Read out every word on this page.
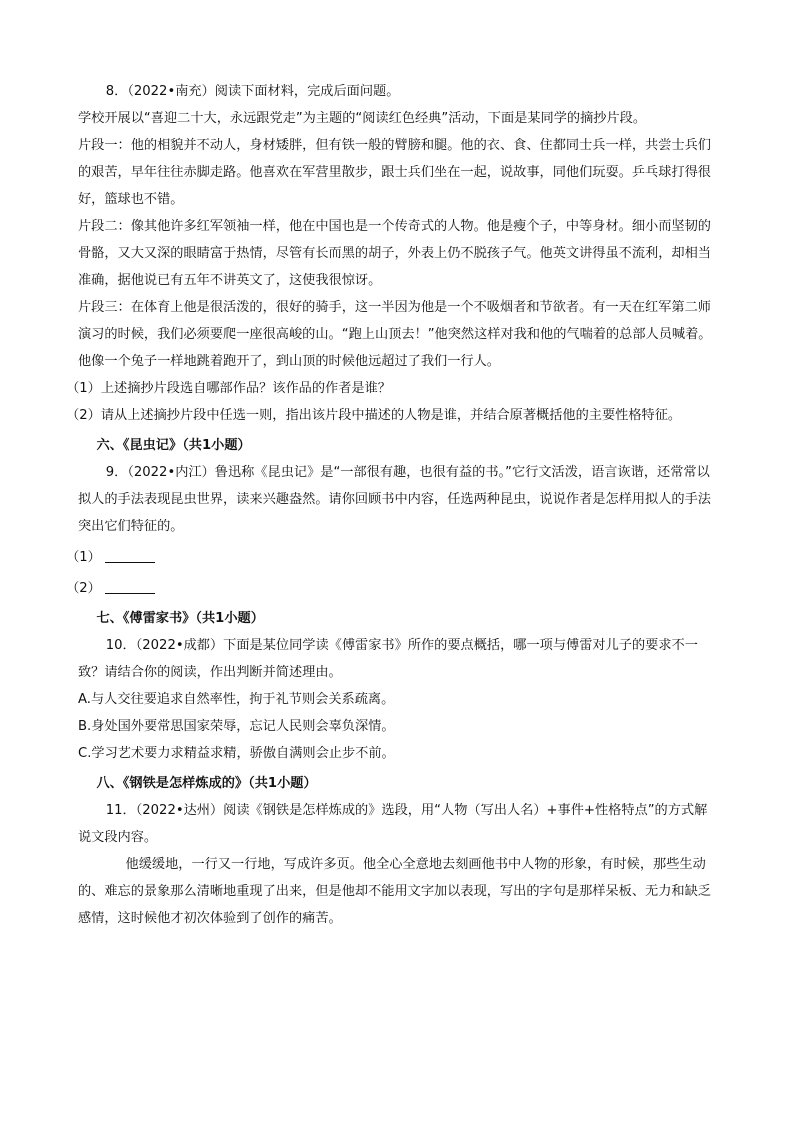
8．（2022•南充）阅读下面材料，完成后面问题。

学校开展以“喜迎二十大，永远跟党走”为主题的“阅读红色经典”活动，下面是某同学的摘抄片段。

片段一：他的相貌并不动人，身材矮胖，但有铁一般的臂膀和腿。他的衣、食、住都同士兵一样，共尝士兵们的艰苦，早年往往赤脚走路。他喜欢在军营里散步，跟士兵们坐在一起，说故事，同他们玩耍。乒乓球打得很好，篮球也不错。

片段二：像其他许多红军领袖一样，他在中国也是一个传奇式的人物。他是瘦个子，中等身材。细小而坚韧的骨骼，又大又深的眼睛富于热情，尽管有长而黑的胡子，外表上仍不脱孩子气。他英文讲得虽不流利，却相当准确，据他说已有五年不讲英文了，这使我很惊讶。

片段三：在体育上他是很活泼的，很好的骑手，这一半因为他是一个不吸烟者和节欲者。有一天在红军第二师演习的时候，我们必须要爬一座很高峻的山。“跑上山顶去！”他突然这样对我和他的气喘着的总部人员喊着。他像一个兔子一样地跳着跑开了，到山顶的时候他远超过了我们一行人。

（1）上述摘抄片段选自哪部作品？该作品的作者是谁？

（2）请从上述摘抄片段中任选一则，指出该片段中描述的人物是谁，并结合原著概括他的主要性格特征。

六、《昆虫记》（共1小题）

9．（2022•内江）鲁迅称《昆虫记》是“一部很有趣，也很有益的书。”它行文活泼，语言诙谐，还常常以拟人的手法表现昆虫世界，读来兴趣盎然。请你回顾书中内容，任选两种昆虫，说说作者是怎样用拟人的手法突出它们特征的。

（1）

（2）

七、《傅雷家书》（共1小题）

10．（2022•成都）下面是某位同学读《傅雷家书》所作的要点概括，哪一项与傅雷对儿子的要求不一致？请结合你的阅读，作出判断并简述理由。

A.与人交往要追求自然率性，拘于礼节则会关系疏离。

B.身处国外要常思国家荣辱，忘记人民则会辜负深情。

C.学习艺术要力求精益求精，骄傲自满则会止步不前。

八、《钢铁是怎样炼成的》（共1小题）

11．（2022•达州）阅读《钢铁是怎样炼成的》选段，用“人物（写出人名）+事件+性格特点”的方式解说文段内容。

他缓缓地，一行又一行地，写成许多页。他全心全意地去刻画他书中人物的形象，有时候，那些生动的、难忘的景象那么清晰地重现了出来，但是他却不能用文字加以表现，写出的字句是那样呆板、无力和缺乏感情，这时候他才初次体验到了创作的痛苦。
